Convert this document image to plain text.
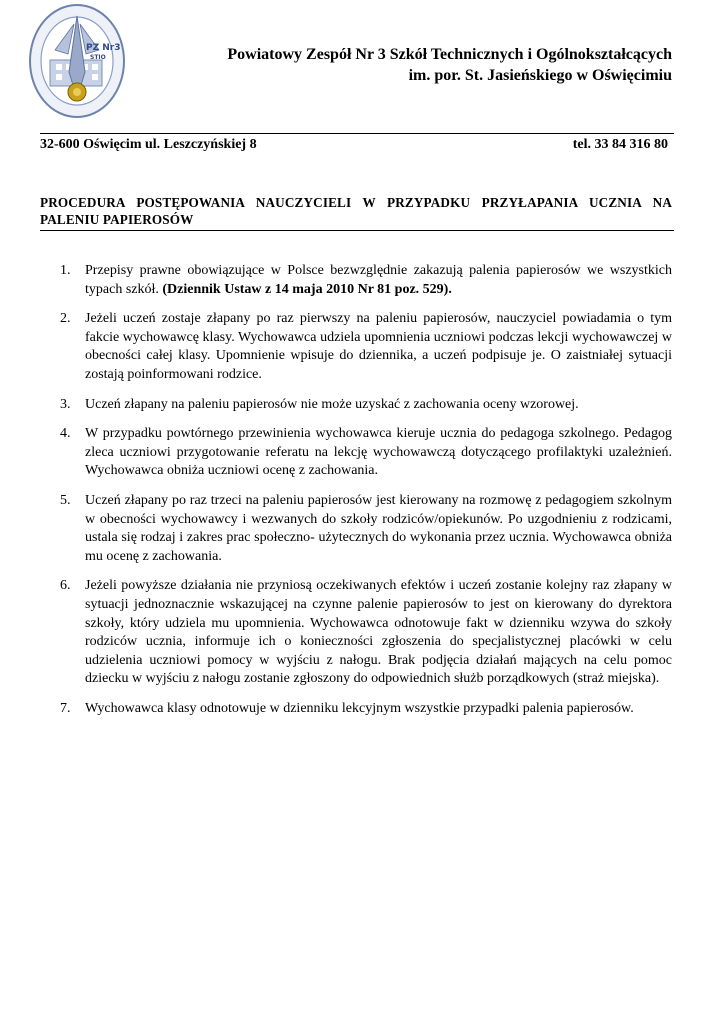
PZ Nr3
STIO	Powiatowy Zespół Nr 3 Szkół Technicznych i Ogólnokształcących
im. por. St. Jasieńskiego w Oświęcimiu
32-600 Oświęcim ul. Leszczyńskiej 8	tel. 33 84 316 80
PROCEDURA POSTĘPOWANIA NAUCZYCIELI W PRZYPADKU PRZYŁAPANIA UCZNIA NA PALENIU PAPIEROSÓW
1.	Przepisy prawne obowiązujące w Polsce bezwzględnie zakazują palenia papierosów we wszystkich typach szkół. (Dziennik Ustaw z 14 maja 2010 Nr 81 poz. 529).
2.	Jeżeli uczeń zostaje złapany po raz pierwszy na paleniu papierosów, nauczyciel powiadamia o tym fakcie wychowawcę klasy. Wychowawca udziela upomnienia uczniowi podczas lekcji wychowawczej w obecności całej klasy. Upomnienie wpisuje do dziennika, a uczeń podpisuje je. O zaistniałej sytuacji zostają poinformowani rodzice.
3.	Uczeń złapany na paleniu papierosów nie może uzyskać z zachowania oceny wzorowej.
4.	W przypadku powtórnego przewinienia wychowawca kieruje ucznia do pedagoga szkolnego. Pedagog zleca uczniowi przygotowanie referatu na lekcję wychowawczą dotyczącego profilaktyki uzależnień. Wychowawca obniża uczniowi ocenę z zachowania.
5.	Uczeń złapany po raz trzeci na paleniu papierosów jest kierowany na rozmowę z pedagogiem szkolnym w obecności wychowawcy i wezwanych do szkoły rodziców/opiekunów. Po uzgodnieniu z rodzicami, ustala się rodzaj i zakres prac społeczno- użytecznych do wykonania przez ucznia. Wychowawca obniża mu ocenę z zachowania.
6.	Jeżeli powyższe działania nie przyniosą oczekiwanych efektów i uczeń zostanie kolejny raz złapany w sytuacji jednoznacznie wskazującej na czynne palenie papierosów to jest on kierowany do dyrektora szkoły, który udziela mu upomnienia. Wychowawca odnotowuje fakt w dzienniku wzywa do szkoły rodziców ucznia, informuje ich o konieczności zgłoszenia do specjalistycznej placówki w celu udzielenia uczniowi pomocy w wyjściu z nałogu. Brak podjęcia działań mających na celu pomoc dziecku w wyjściu z nałogu zostanie zgłoszony do odpowiednich służb porządkowych (straż miejska).
7.	Wychowawca klasy odnotowuje w dzienniku lekcyjnym wszystkie przypadki palenia papierosów.
